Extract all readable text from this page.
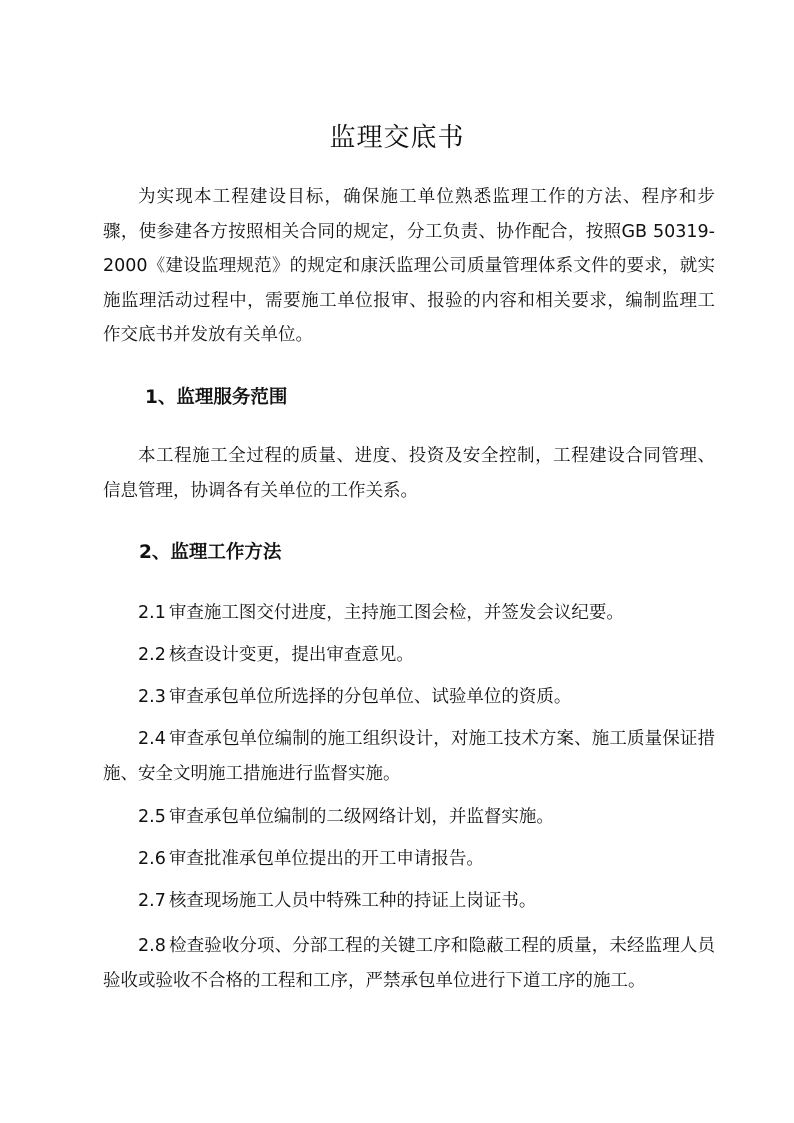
监理交底书

为实现本工程建设目标，确保施工单位熟悉监理工作的方法、程序和步骤，使参建各方按照相关合同的规定，分工负责、协作配合，按照GB 50319-2000《建设监理规范》的规定和康沃监理公司质量管理体系文件的要求，就实施监理活动过程中，需要施工单位报审、报验的内容和相关要求，编制监理工作交底书并发放有关单位。

1、监理服务范围

本工程施工全过程的质量、进度、投资及安全控制，工程建设合同管理、信息管理，协调各有关单位的工作关系。

2、监理工作方法

2.1 审查施工图交付进度，主持施工图会检，并签发会议纪要。

2.2 核查设计变更，提出审查意见。

2.3 审查承包单位所选择的分包单位、试验单位的资质。

2.4 审查承包单位编制的施工组织设计，对施工技术方案、施工质量保证措施、安全文明施工措施进行监督实施。

2.5 审查承包单位编制的二级网络计划，并监督实施。

2.6 审查批准承包单位提出的开工申请报告。

2.7 核查现场施工人员中特殊工种的持证上岗证书。

2.8 检查验收分项、分部工程的关键工序和隐蔽工程的质量，未经监理人员验收或验收不合格的工程和工序，严禁承包单位进行下道工序的施工。
